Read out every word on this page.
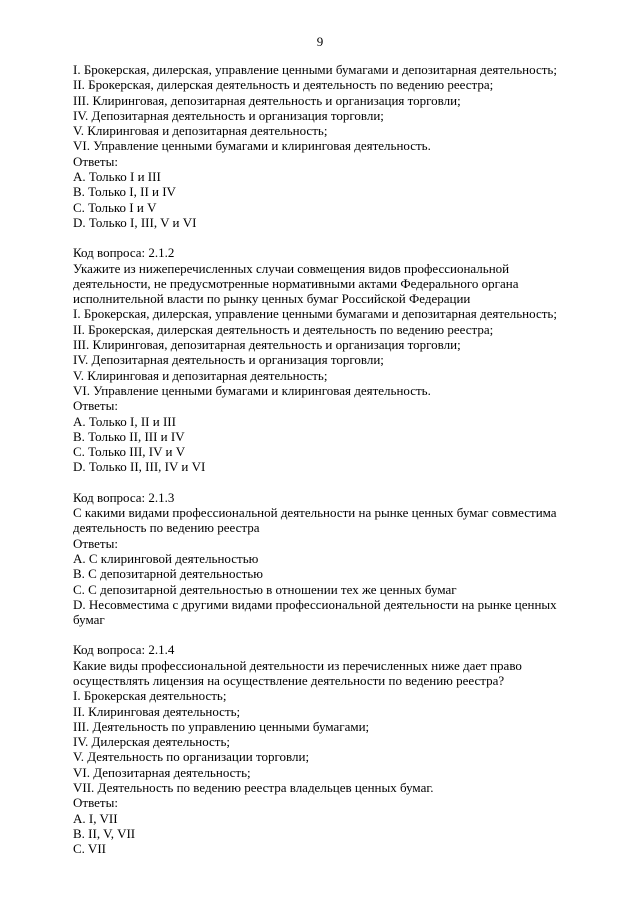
9
I. Брокерская, дилерская, управление ценными бумагами и депозитарная деятельность;
II. Брокерская, дилерская деятельность и деятельность по ведению реестра;
III. Клиринговая, депозитарная деятельность и организация торговли;
IV. Депозитарная деятельность и организация торговли;
V. Клиринговая и депозитарная деятельность;
VI. Управление ценными бумагами и клиринговая деятельность.
Ответы:
A. Только I и III
B. Только I, II и IV
C. Только I и V
D. Только I, III, V и VI
Код вопроса: 2.1.2
Укажите из нижеперечисленных случаи совмещения видов профессиональной
деятельности, не предусмотренные нормативными актами Федерального органа
исполнительной власти по рынку ценных бумаг Российской Федерации
I. Брокерская, дилерская, управление ценными бумагами и депозитарная деятельность;
II. Брокерская, дилерская деятельность и деятельность по ведению реестра;
III. Клиринговая, депозитарная деятельность и организация торговли;
IV. Депозитарная деятельность и организация торговли;
V. Клиринговая и депозитарная деятельность;
VI. Управление ценными бумагами и клиринговая деятельность.
Ответы:
A. Только I, II и III
B. Только II, III и IV
C. Только III, IV и V
D. Только II, III, IV и VI
Код вопроса: 2.1.3
С какими видами профессиональной деятельности на рынке ценных бумаг совместима
деятельность по ведению реестра
Ответы:
A. С клиринговой деятельностью
B. С депозитарной деятельностью
C. С депозитарной деятельностью в отношении тех же ценных бумаг
D. Несовместима с другими видами профессиональной деятельности на рынке ценных
бумаг
Код вопроса: 2.1.4
Какие виды профессиональной деятельности из перечисленных ниже дает право
осуществлять лицензия на осуществление деятельности по ведению реестра?
I. Брокерская деятельность;
II. Клиринговая деятельность;
III. Деятельность по управлению ценными бумагами;
IV. Дилерская деятельность;
V. Деятельность по организации торговли;
VI. Депозитарная деятельность;
VII. Деятельность по ведению реестра владельцев ценных бумаг.
Ответы:
A. I, VII
B. II, V, VII
C. VII
